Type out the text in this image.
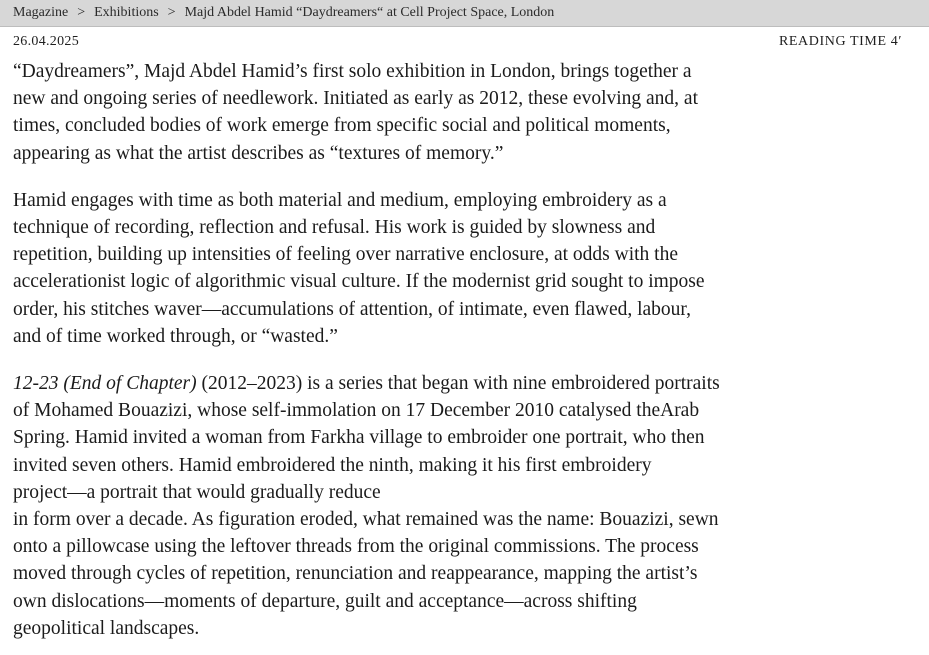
Magazine > Exhibitions > Majd Abdel Hamid “Daydreamers“ at Cell Project Space, London
26.04.2025	READING TIME 4′

“Daydreamers”, Majd Abdel Hamid’s first solo exhibition in London, brings together a
new and ongoing series of needlework. Initiated as early as 2012, these evolving and, at
times, concluded bodies of work emerge from specific social and political moments,
appearing as what the artist describes as “textures of memory.”

Hamid engages with time as both material and medium, employing embroidery as a
technique of recording, reflection and refusal. His work is guided by slowness and
repetition, building up intensities of feeling over narrative enclosure, at odds with the
accelerationist logic of algorithmic visual culture. If the modernist grid sought to impose
order, his stitches waver—accumulations of attention, of intimate, even flawed, labour,
and of time worked through, or “wasted.”

12-23 (End of Chapter) (2012–2023) is a series that began with nine embroidered portraits
of Mohamed Bouazizi, whose self-immolation on 17 December 2010 catalysed theArab
Spring. Hamid invited a woman from Farkha village to embroider one portrait, who then
invited seven others. Hamid embroidered the ninth, making it his first embroidery
project—a portrait that would gradually reduce
in form over a decade. As figuration eroded, what remained was the name: Bouazizi, sewn
onto a pillowcase using the leftover threads from the original commissions. The process
moved through cycles of repetition, renunciation and reappearance, mapping the artist’s
own dislocations—moments of departure, guilt and acceptance—across shifting
geopolitical landscapes.
